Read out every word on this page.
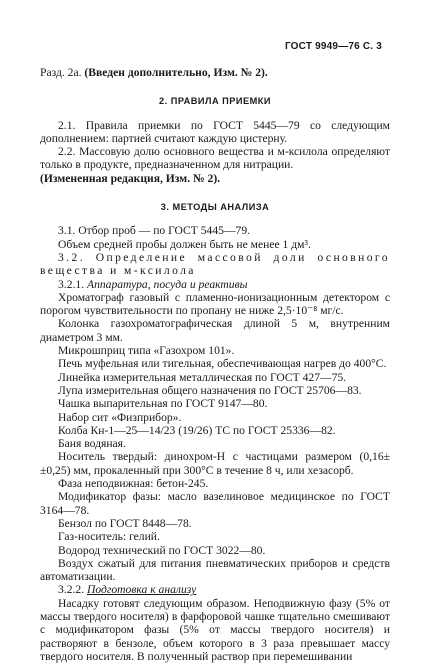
ГОСТ 9949—76 С. 3

Разд. 2а. (Введен дополнительно, Изм. № 2).

2. ПРАВИЛА ПРИЕМКИ

2.1. Правила приемки по ГОСТ 5445—79 со следующим дополнением: партией считают каждую цистерну.

2.2. Массовую долю основного вещества и м-ксилола определяют только в продукте, предназначенном для нитрации.

(Измененная редакция, Изм. № 2).

3. МЕТОДЫ АНАЛИЗА

3.1. Отбор проб — по ГОСТ 5445—79.

Объем средней пробы должен быть не менее 1 дм³.

3.2. Определение массовой доли основного вещества и м-ксилола

3.2.1. Аппаратура, посуда и реактивы

Хроматограф газовый с пламенно-ионизационным детектором с порогом чувствительности по пропану не ниже 2,5·10⁻⁸ мг/с.

Колонка газохроматографическая длиной 5 м, внутренним диаметром 3 мм.

Микрошприц типа «Газохром 101».

Печь муфельная или тигельная, обеспечивающая нагрев до 400°С.

Линейка измерительная металлическая по ГОСТ 427—75.

Лупа измерительная общего назначения по ГОСТ 25706—83.

Чашка выпарительная по ГОСТ 9147—80.

Набор сит «Физприбор».

Колба Кн-1—25—14/23 (19/26) ТС по ГОСТ 25336—82.

Баня водяная.

Носитель твердый: динохром-Н с частицами размером (0,16±±0,25) мм, прокаленный при 300°С в течение 8 ч, или хезасорб.

Фаза неподвижная: бетон-245.

Модификатор фазы: масло вазелиновое медицинское по ГОСТ 3164—78.

Бензол по ГОСТ 8448—78.

Газ-носитель: гелий.

Водород технический по ГОСТ 3022—80.

Воздух сжатый для питания пневматических приборов и средств автоматизации.

3.2.2. Подготовка к анализу

Насадку готовят следующим образом. Неподвижную фазу (5% от массы твердого носителя) в фарфоровой чашке тщательно смешивают с модификатором фазы (5% от массы твердого носителя) и растворяют в бензоле, объем которого в 3 раза превышает массу твердого носителя. В полученный раствор при перемешивании
